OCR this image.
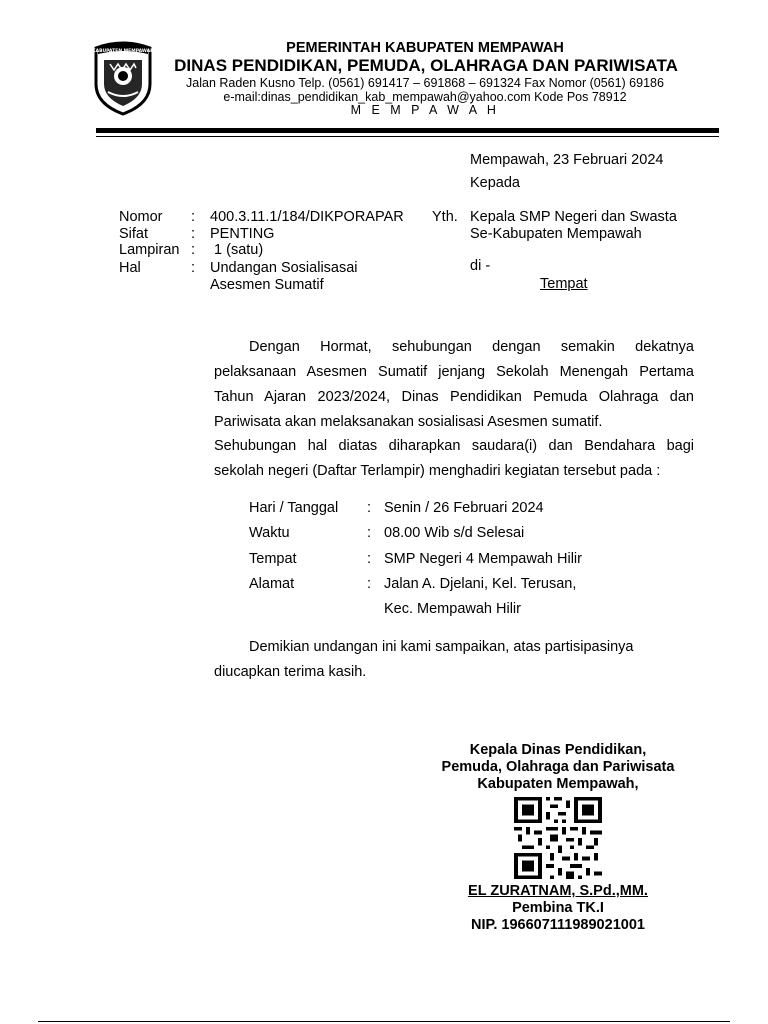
KABUPATEN MEMPAWAH	PEMERINTAH KABUPATEN MEMPAWAH
DINAS PENDIDIKAN, PEMUDA, OLAHRAGA DAN PARIWISATA
Jalan Raden Kusno Telp. (0561) 691417 – 691868 – 691324 Fax Nomor (0561) 69186
e-mail:dinas_pendidikan_kab_mempawah@yahoo.com Kode Pos 78912
M E M P A W A H
Mempawah, 23 Februari 2024
Kepada
Nomor : 400.3.11.1/184/DIKPORAPAR
Sifat	: PENTING
Lampiran : 1 (satu)
Hal	: Undangan Sosialisasai
Asesmen Sumatif
Yth. Kepala SMP Negeri dan Swasta
Se-Kabupaten Mempawah
di -
Tempat
Dengan Hormat, sehubungan dengan semakin dekatnya
pelaksanaan Asesmen Sumatif jenjang Sekolah Menengah Pertama
Tahun Ajaran 2023/2024, Dinas Pendidikan Pemuda Olahraga dan
Pariwisata akan melaksanakan sosialisasi Asesmen sumatif.
Sehubungan hal diatas diharapkan saudara(i) dan Bendahara bagi
sekolah negeri (Daftar Terlampir) menghadiri kegiatan tersebut pada :
Hari / Tanggal : Senin / 26 Februari 2024
Waktu	: 08.00 Wib s/d Selesai
Tempat	: SMP Negeri 4 Mempawah Hilir
Alamat	: Jalan A. Djelani, Kel. Terusan,
Kec. Mempawah Hilir
Demikian undangan ini kami sampaikan, atas partisipasinya
diucapkan terima kasih.
Kepala Dinas Pendidikan,
Pemuda, Olahraga dan Pariwisata
Kabupaten Mempawah,
EL ZURATNAM, S.Pd.,MM.
Pembina TK.I
NIP. 196607111989021001
